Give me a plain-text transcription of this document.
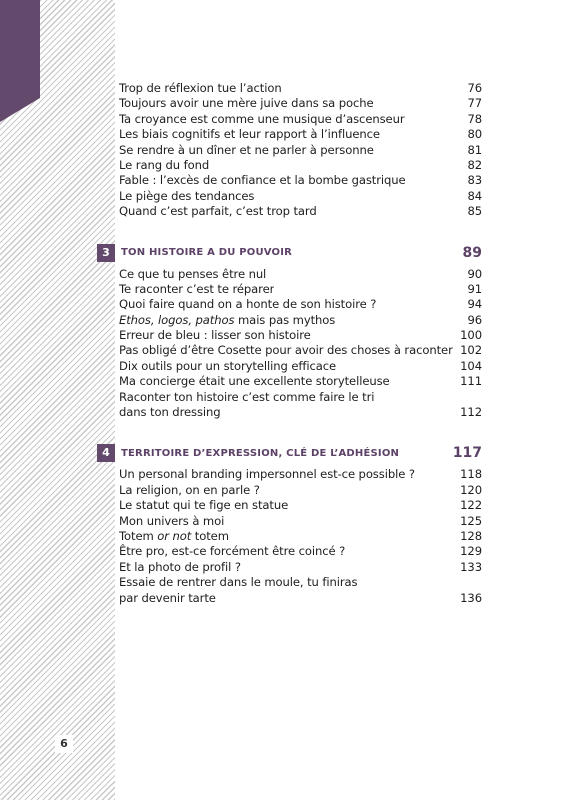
6
Trop de réflexion tue l’action	76
Toujours avoir une mère juive dans sa poche	77
Ta croyance est comme une musique d’ascenseur	78
Les biais cognitifs et leur rapport à l’influence	80
Se rendre à un dîner et ne parler à personne	81
Le rang du fond	82
Fable : l’excès de confiance et la bombe gastrique	83
Le piège des tendances	84
Quand c’est parfait, c’est trop tard	85
3	TON HISTOIRE A DU POUVOIR	89
Ce que tu penses être nul	90
Te raconter c’est te réparer	91
Quoi faire quand on a honte de son histoire ?	94
Ethos, logos, pathos mais pas mythos	96
Erreur de bleu : lisser son histoire	100
Pas obligé d’être Cosette pour avoir des choses à raconter 102
Dix outils pour un storytelling efficace	104
Ma concierge était une excellente storytelleuse	111
Raconter ton histoire c’est comme faire le tri
dans ton dressing	112
4	TERRITOIRE D’EXPRESSION, CLÉ DE L’ADHÉSION	117
Un personal branding impersonnel est-ce possible ?	118
La religion, on en parle ?	120
Le statut qui te fige en statue	122
Mon univers à moi	125
Totem or not totem	128
Être pro, est-ce forcément être coincé ?	129
Et la photo de profil ?	133
Essaie de rentrer dans le moule, tu finiras
par devenir tarte	136
